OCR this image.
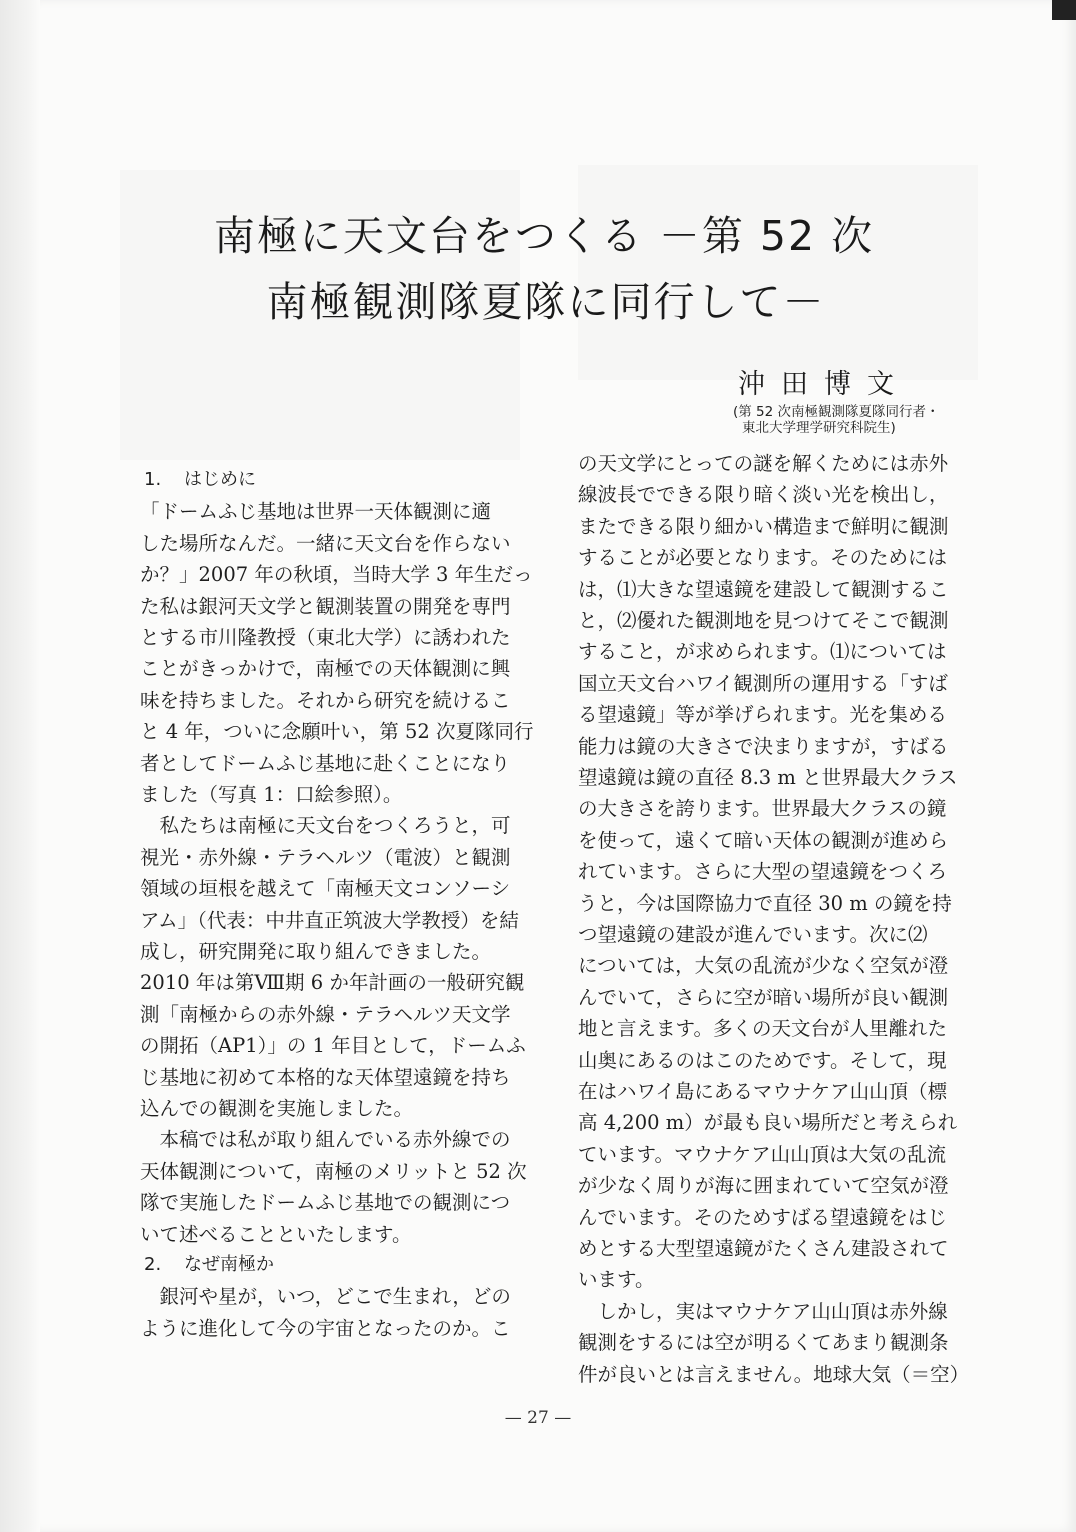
南極に天文台をつくる －第 52 次
南極観測隊夏隊に同行して－
沖田博文
(第 52 次南極観測隊夏隊同行者・
東北大学理学研究科院生)
1. はじめに
「ドームふじ基地は世界一天体観測に適
した場所なんだ。一緒に天文台を作らない
か？」2007 年の秋頃，当時大学 3 年生だっ
た私は銀河天文学と観測装置の開発を専門
とする市川隆教授（東北大学）に誘われた
ことがきっかけで，南極での天体観測に興
味を持ちました。それから研究を続けるこ
と 4 年，ついに念願叶い，第 52 次夏隊同行
者としてドームふじ基地に赴くことになり
ました（写真 1：口絵参照）。
　私たちは南極に天文台をつくろうと，可
視光・赤外線・テラヘルツ（電波）と観測
領域の垣根を越えて「南極天文コンソーシ
アム」（代表：中井直正筑波大学教授）を結
成し，研究開発に取り組んできました。
2010 年は第Ⅷ期 6 か年計画の一般研究観
測「南極からの赤外線・テラヘルツ天文学
の開拓（AP1）」の 1 年目として，ドームふ
じ基地に初めて本格的な天体望遠鏡を持ち
込んでの観測を実施しました。
　本稿では私が取り組んでいる赤外線での
天体観測について，南極のメリットと 52 次
隊で実施したドームふじ基地での観測につ
いて述べることといたします。
2. なぜ南極か
　銀河や星が，いつ，どこで生まれ，どの
ように進化して今の宇宙となったのか。こ
の天文学にとっての謎を解くためには赤外
線波長でできる限り暗く淡い光を検出し，
またできる限り細かい構造まで鮮明に観測
することが必要となります。そのためには
は，⑴大きな望遠鏡を建設して観測するこ
と，⑵優れた観測地を見つけてそこで観測
すること，が求められます。⑴については
国立天文台ハワイ観測所の運用する「すば
る望遠鏡」等が挙げられます。光を集める
能力は鏡の大きさで決まりますが，すばる
望遠鏡は鏡の直径 8.3 m と世界最大クラス
の大きさを誇ります。世界最大クラスの鏡
を使って，遠くて暗い天体の観測が進めら
れています。さらに大型の望遠鏡をつくろ
うと，今は国際協力で直径 30 m の鏡を持
つ望遠鏡の建設が進んでいます。次に⑵
については，大気の乱流が少なく空気が澄
んでいて，さらに空が暗い場所が良い観測
地と言えます。多くの天文台が人里離れた
山奥にあるのはこのためです。そして，現
在はハワイ島にあるマウナケア山山頂（標
高 4,200 m）が最も良い場所だと考えられ
ています。マウナケア山山頂は大気の乱流
が少なく周りが海に囲まれていて空気が澄
んでいます。そのためすばる望遠鏡をはじ
めとする大型望遠鏡がたくさん建設されて
います。
　しかし，実はマウナケア山山頂は赤外線
観測をするには空が明るくてあまり観測条
件が良いとは言えません。地球大気（＝空）
— 27 —
